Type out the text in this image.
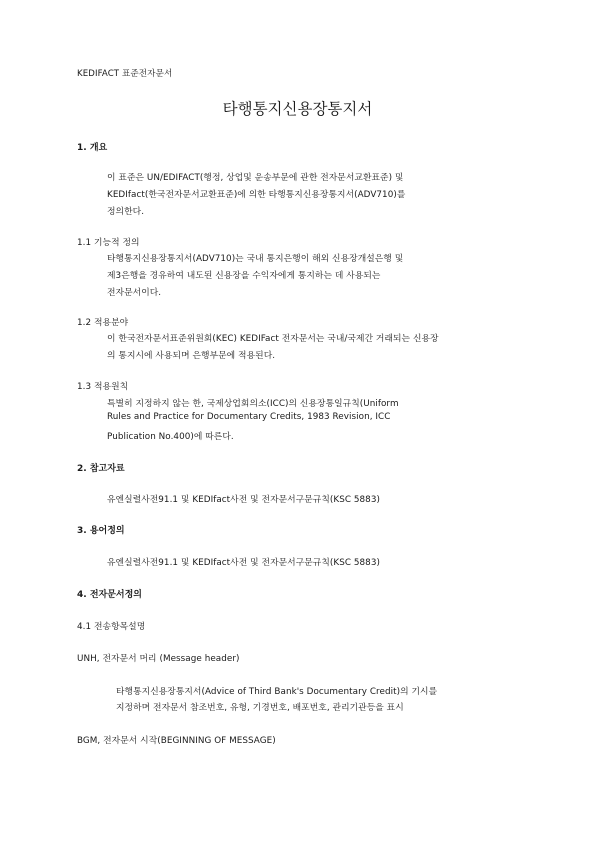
KEDIFACT 표준전자문서
타행통지신용장통지서
1. 개요
이 표준은 UN/EDIFACT(행정, 상업및 운송부문에 관한 전자문서교환표준) 및
KEDIfact(한국전자문서교환표준)에 의한 타행통지신용장통지서(ADV710)를
정의한다.
1.1 기능적 정의
타행통지신용장통지서(ADV710)는 국내 통지은행이 해외 신용장개설은행 및
제3은행을 경유하여 내도된 신용장을 수익자에게 통지하는 데 사용되는
전자문서이다.
1.2 적용분야
이 한국전자문서표준위원회(KEC) KEDIFact 전자문서는 국내/국제간 거래되는 신용장
의 통지시에 사용되며 은행부문에 적용된다.
1.3 적용원칙
특별히 지정하지 않는 한, 국제상업회의소(ICC)의 신용장통일규칙(Uniform
Rules and Practice for Documentary Credits, 1983 Revision, ICC
Publication No.400)에 따른다.
2. 참고자료
유엔실렬사전91.1 및 KEDIfact사전 및 전자문서구문규칙(KSC 5883)
3. 용어정의
유엔실렬사전91.1 및 KEDIfact사전 및 전자문서구문규칙(KSC 5883)
4. 전자문서정의
4.1 전송항목설명
UNH, 전자문서 머리 (Message header)
타행통지신용장통지서(Advice of Third Bank's Documentary Credit)의 기시를
지정하며 전자문서 참조번호, 유형, 기경번호, 배포번호, 관리기관등을 표시
BGM, 전자문서 시작(BEGINNING OF MESSAGE)
